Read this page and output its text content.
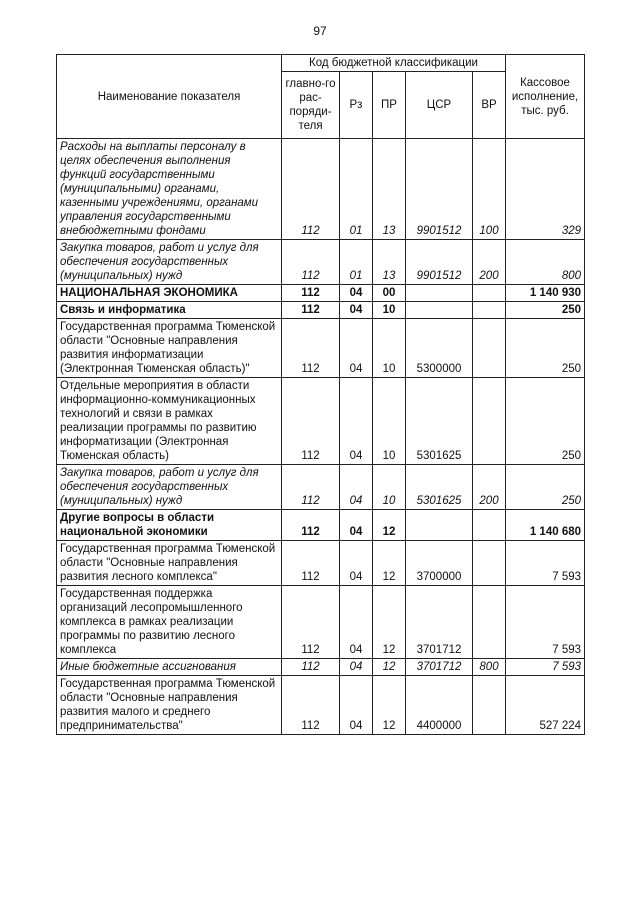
97
Наименование показателя	Код бюджетной классификации					Кассовое исполнение, тыс. руб.
	главно-го рас-поряди-теля	Рз	ПР	ЦСР	ВР	
Расходы на выплаты персоналу в целях обеспечения выполнения функций государственными (муниципальными) органами, казенными учреждениями, органами управления государственными внебюджетными фондами	112	01	13	9901512	100	329
Закупка товаров, работ и услуг для обеспечения государственных (муниципальных) нужд	112	01	13	9901512	200	800
НАЦИОНАЛЬНАЯ ЭКОНОМИКА	112	04	00			1 140 930
Связь и информатика	112	04	10			250
Государственная программа Тюменской области "Основные направления развития информатизации (Электронная Тюменская область)"	112	04	10	5300000		250
Отдельные мероприятия в области информационно-коммуникационных технологий и связи в рамках реализации программы по развитию информатизации (Электронная Тюменская область)	112	04	10	5301625		250
Закупка товаров, работ и услуг для обеспечения государственных (муниципальных) нужд	112	04	10	5301625	200	250
Другие вопросы в области национальной экономики	112	04	12			1 140 680
Государственная программа Тюменской области "Основные направления развития лесного комплекса"	112	04	12	3700000		7 593
Государственная поддержка организаций лесопромышленного комплекса в рамках реализации программы по развитию лесного комплекса	112	04	12	3701712		7 593
Иные бюджетные ассигнования	112	04	12	3701712	800	7 593
Государственная программа Тюменской области "Основные направления развития малого и среднего предпринимательства"	112	04	12	4400000		527 224
